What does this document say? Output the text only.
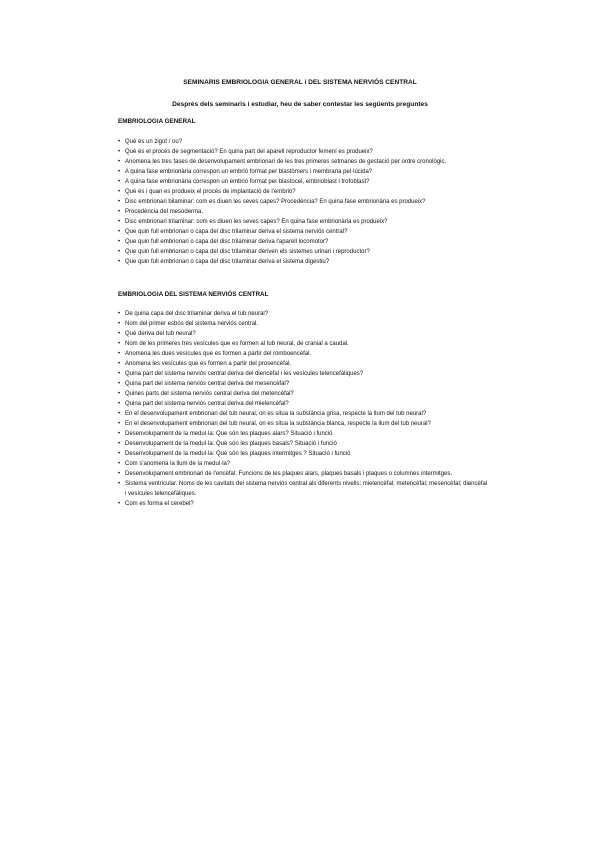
SEMINARIS EMBRIOLOGIA GENERAL i DEL SISTEMA NERVIÓS CENTRAL
Després dels seminaris i estudiar, heu de saber contestar les següents preguntes
EMBRIOLOGIA GENERAL
• Què és un zigot / ou?
• Què és el procés de segmentació? En quina part del aparell reproductor femení es produeix?
• Anomena les tres fases de desenvolupament embrionari de les tres primeres setmanes de gestació per ordre cronològic.
• A quina fase embrionària correspon un embrió format per blastòmers i membrana pel·lúcida?
• A quina fase embrionària correspon un embrió format per blastocel, embrioblast i trofoblast?
• Què és i quan es produeix el procés de implantació de l'embrió?
• Disc embrionari bilaminar: com es diuen les seves capes? Procedència? En quina fase embrionària es produeix?
• Procedència del mesoderma.
• Disc embrionari trilaminar: com es diuen les seves capes? En quina fase embrionària es produeix?
• Que quin full embrionari o capa del disc trilaminar deriva el sistema nerviós central?
• Que quin full embrionari o capa del disc trilaminar deriva l'aparell locomotor?
• Que quin full embrionari o capa del disc trilaminar deriven els sistemes urinari i reproductor?
• Que quin full embrionari o capa del disc trilaminar deriva el sistema digestiu?
EMBRIOLOGIA DEL SISTEMA NERVIÓS CENTRAL
• De quina capa del disc trilaminar deriva el tub neural?
• Nom del primer esbós del sistema nerviós central.
• Què deriva del tub neural?
• Nom de les primeres tres vesícules que es formen al tub neural, de cranial a caudal.
• Anomena les dues vesícules que es formen a partir del romboencèfal.
• Anomena les vesícules que es formen a partir del prosencèfal.
• Quina part del sistema nerviós central deriva del diencèfal i les vesícules telencefàliques?
• Quina part del sistema nerviós central deriva del mesencèfal?
• Quines parts del sistema nerviós central deriva del metencèfal?
• Quina part del sistema nerviós central deriva del mielencèfal?
• En el desenvolupament embrionari del tub neural, on es situa la substància grisa, respecte la llum del tub neural?
• En el desenvolupament embrionari del tub neural, on es situa la substància blanca, respecte la llum del tub neural?
• Desenvolupament de la medul·la: Que són les plaques alars? Situació i funció
• Desenvolupament de la medul·la: Què són les plaques basals? Situació i funció
• Desenvolupament de la medul·la: Què són les plaques intermitges ? Situació i funció
• Com s'anomena la llum de la medul·la?
• Desenvolupament embrionari de l'encèfal: Funcions de les plaques alars, plaques basals i plaques o columnes intermitges.
• Sistema ventricular. Noms de les cavitats del sistema nerviós central als diferents nivells: mielencèfal; metencèfal; mesencèfal; diencèfal i vesícules telencefàliques.
• Com es forma el cerebel?
